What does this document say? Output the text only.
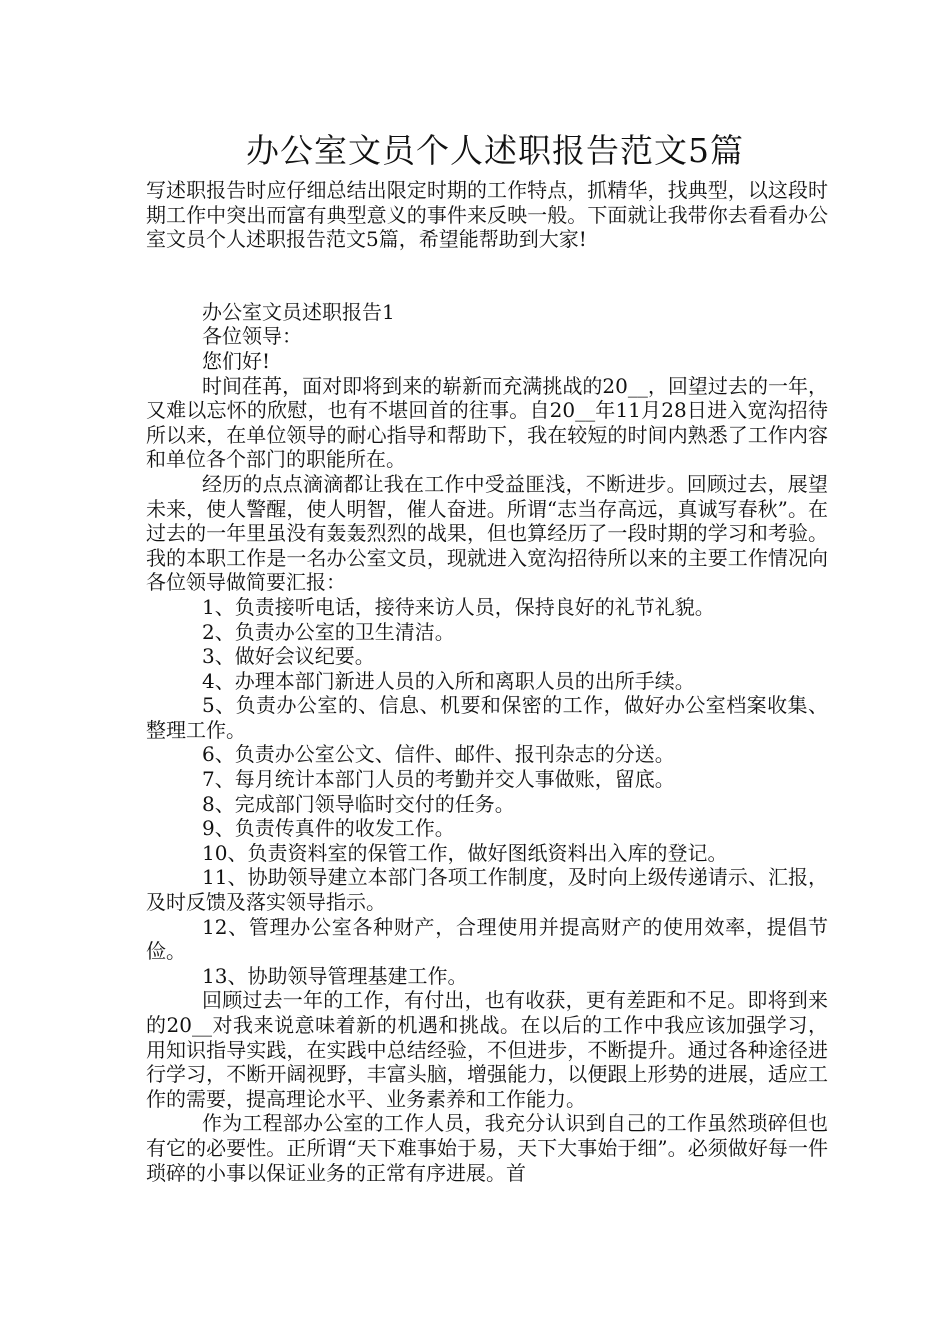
办公室文员个人述职报告范文5篇

写述职报告时应仔细总结出限定时期的工作特点，抓精华，找典型，以这段时期工作中突出而富有典型意义的事件来反映一般。下面就让我带你去看看办公室文员个人述职报告范文5篇，希望能帮助到大家!

办公室文员述职报告1

各位领导：

您们好!

时间荏苒，面对即将到来的崭新而充满挑战的20__，回望过去的一年，又难以忘怀的欣慰，也有不堪回首的往事。自20__年11月28日进入宽沟招待所以来，在单位领导的耐心指导和帮助下，我在较短的时间内熟悉了工作内容和单位各个部门的职能所在。

经历的点点滴滴都让我在工作中受益匪浅，不断进步。回顾过去，展望未来，使人警醒，使人明智，催人奋进。所谓“志当存高远，真诚写春秋”。在过去的一年里虽没有轰轰烈烈的战果，但也算经历了一段时期的学习和考验。我的本职工作是一名办公室文员，现就进入宽沟招待所以来的主要工作情况向各位领导做简要汇报：

1、负责接听电话，接待来访人员，保持良好的礼节礼貌。

2、负责办公室的卫生清洁。

3、做好会议纪要。

4、办理本部门新进人员的入所和离职人员的出所手续。

5、负责办公室的、信息、机要和保密的工作，做好办公室档案收集、整理工作。

6、负责办公室公文、信件、邮件、报刊杂志的分送。

7、每月统计本部门人员的考勤并交人事做账，留底。

8、完成部门领导临时交付的任务。

9、负责传真件的收发工作。

10、负责资料室的保管工作，做好图纸资料出入库的登记。

11、协助领导建立本部门各项工作制度，及时向上级传递请示、汇报，及时反馈及落实领导指示。

12、管理办公室各种财产，合理使用并提高财产的使用效率，提倡节俭。

13、协助领导管理基建工作。

回顾过去一年的工作，有付出，也有收获，更有差距和不足。即将到来的20__对我来说意味着新的机遇和挑战。在以后的工作中我应该加强学习，用知识指导实践，在实践中总结经验，不但进步，不断提升。通过各种途径进行学习，不断开阔视野，丰富头脑，增强能力，以便跟上形势的进展，适应工作的需要，提高理论水平、业务素养和工作能力。

作为工程部办公室的工作人员，我充分认识到自己的工作虽然琐碎但也有它的必要性。正所谓“天下难事始于易，天下大事始于细”。必须做好每一件琐碎的小事以保证业务的正常有序进展。首
